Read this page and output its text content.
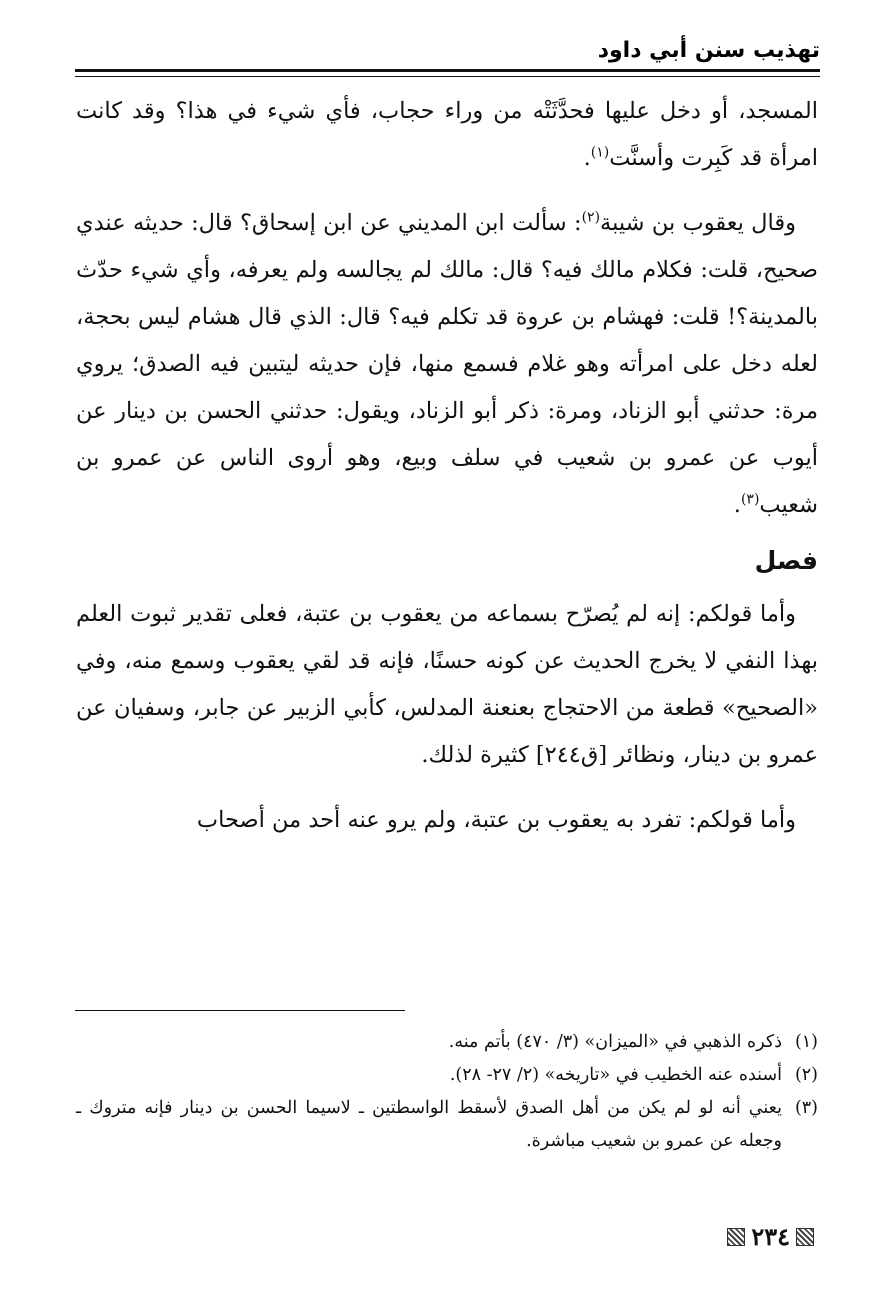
تهذيب سنن أبي داود

المسجد، أو دخل عليها فحدَّثَتْه من وراء حجاب، فأي شيء في هذا؟ وقد كانت امرأة قد كَبِرت وأسنَّت$^{(١)}$.

وقال يعقوب بن شيبة$^{(٢)}$: سألت ابن المديني عن ابن إسحاق؟ قال: حديثه عندي صحيح، قلت: فكلام مالك فيه؟ قال: مالك لم يجالسه ولم يعرفه، وأي شيء حدّث بالمدينة؟! قلت: فهشام بن عروة قد تكلم فيه؟ قال: الذي قال هشام ليس بحجة، لعله دخل على امرأته وهو غلام فسمع منها، فإن حديثه ليتبين فيه الصدق؛ يروي مرة: حدثني أبو الزناد، ومرة: ذكر أبو الزناد، ويقول: حدثني الحسن بن دينار عن أيوب عن عمرو بن شعيب في سلف وبيع، وهو أروى الناس عن عمرو بن شعيب$^{(٣)}$.

فصل

وأما قولكم: إنه لم يُصرّح بسماعه من يعقوب بن عتبة، فعلى تقدير ثبوت العلم بهذا النفي لا يخرج الحديث عن كونه حسنًا، فإنه قد لقي يعقوب وسمع منه، وفي «الصحيح» قطعة من الاحتجاج بعنعنة المدلس، كأبي الزبير عن جابر، وسفيان عن عمرو بن دينار، ونظائر [ق٢٤٤] كثيرة لذلك.

وأما قولكم: تفرد به يعقوب بن عتبة، ولم يرو عنه أحد من أصحاب

(١)
ذكره الذهبي في «الميزان» (٣/ ٤٧٠) بأتم منه.
(٢)
أسنده عنه الخطيب في «تاريخه» (٢/ ٢٧- ٢٨).
(٣)
يعني أنه لو لم يكن من أهل الصدق لأسقط الواسطتين ـ لاسيما الحسن بن دينار فإنه متروك ـ وجعله عن عمرو بن شعيب مباشرة.
٢٣٤
